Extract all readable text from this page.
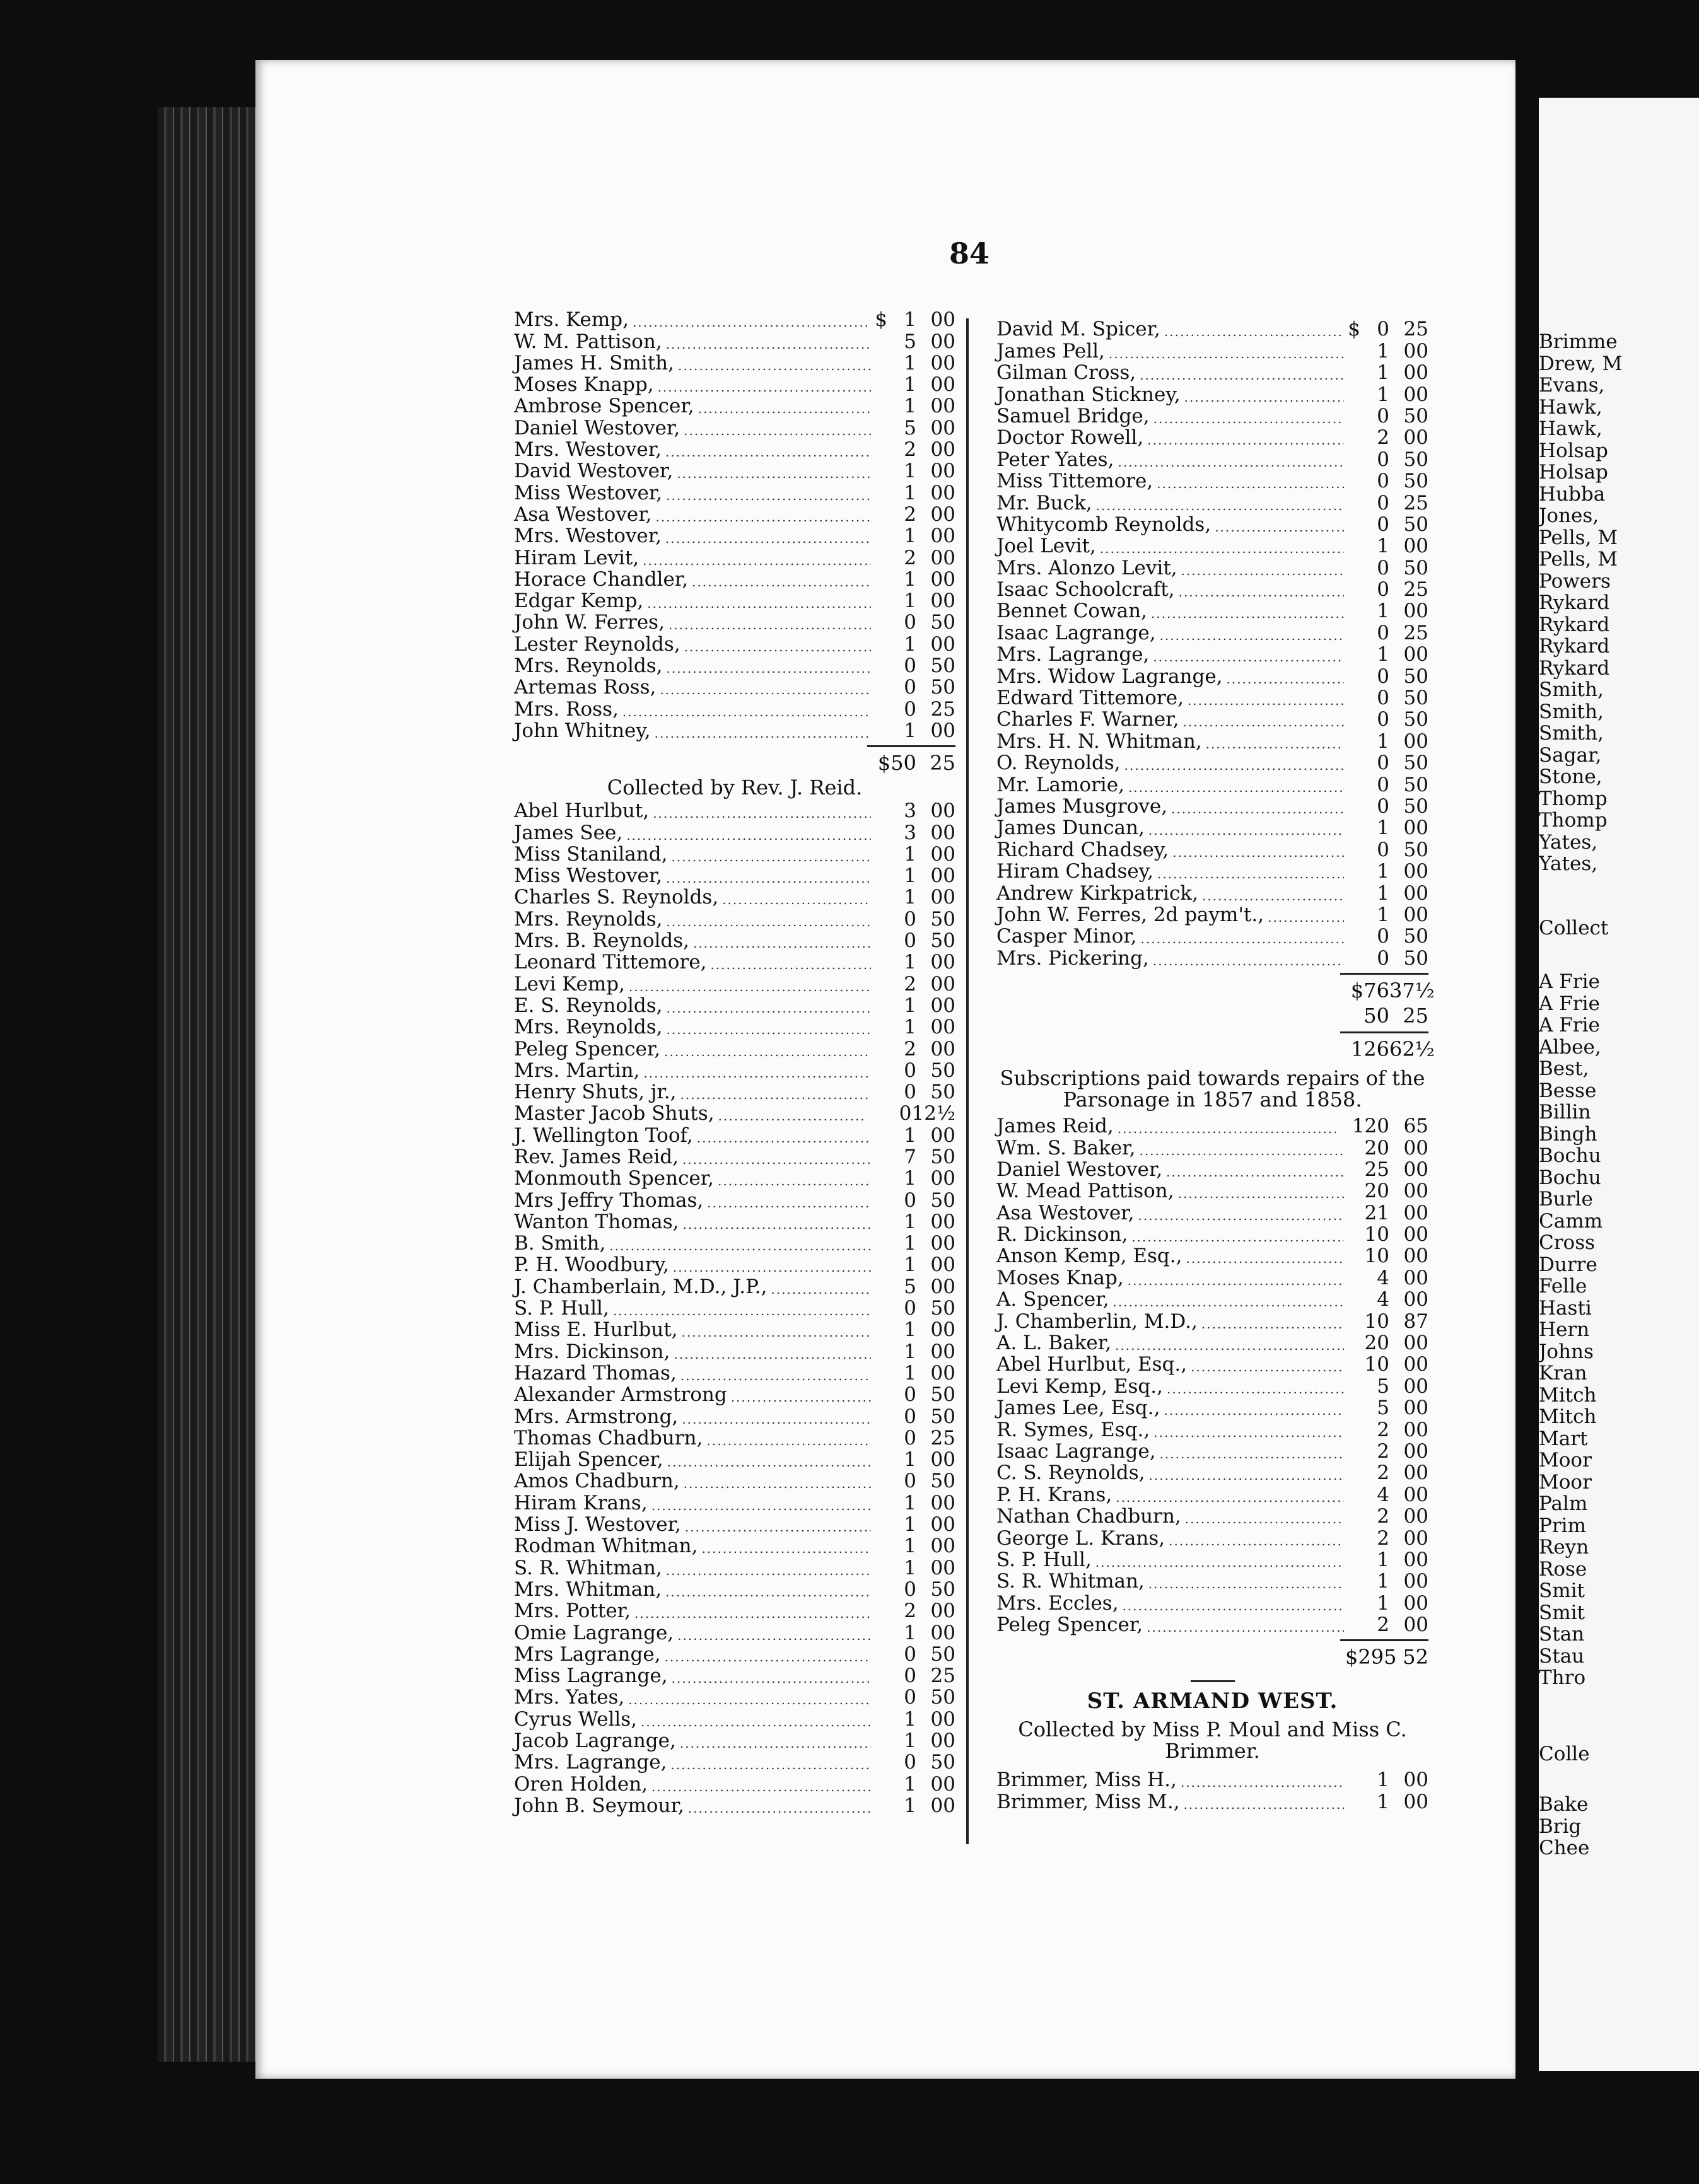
Brimme
Drew, M
Evans,
Hawk,
Hawk,
Holsap
Holsap
Hubba
Jones,
Pells, M
Pells, M
Powers
Rykard
Rykard
Rykard
Rykard
Smith,
Smith,
Smith,
Sagar,
Stone,
Thomp
Thomp
Yates,
Yates,
Collect
A Frie
A Frie
A Frie
Albee,
Best,
Besse
Billin
Bingh
Bochu
Bochu
Burle
Camm
Cross
Durre
Felle
Hasti
Hern
Johns
Kran
Mitch
Mitch
Mart
Moor
Moor
Palm
Prim
Reyn
Rose
Smit
Smit
Stan
Stau
Thro
Colle
Bake
Brig
Chee
84
Mrs. Kemp, .....	$ 1 00
W. M. Pattison, .....	5 00
James H. Smith, .....	1 00
Moses Knapp, .....	1 00
Ambrose Spencer, .....	1 00
Daniel Westover, .....	5 00
Mrs. Westover, .....	2 00
David Westover, .....	1 00
Miss Westover, .....	1 00
Asa Westover, .....	2 00
Mrs. Westover, .....	1 00
Hiram Levit, .....	2 00
Horace Chandler, .....	1 00
Edgar Kemp, .....	1 00
John W. Ferres, .....	0 50
Lester Reynolds, .....	1 00
Mrs. Reynolds, .....	0 50
Artemas Ross, .....	0 50
Mrs. Ross, .....	0 25
John Whitney, .....	1 00
$50 25
Collected by Rev. J. Reid.
Abel Hurlbut, .....	3 00
James See, .....	3 00
Miss Staniland, .....	1 00
Miss Westover, .....	1 00
Charles S. Reynolds, .....	1 00
Mrs. Reynolds, .....	0 50
Mrs. B. Reynolds, .....	0 50
Leonard Tittemore, .....	1 00
Levi Kemp, .....	2 00
E. S. Reynolds, .....	1 00
Mrs. Reynolds, .....	1 00
Peleg Spencer, .....	2 00
Mrs. Martin, .....	0 50
Henry Shuts, jr., .....	0 50
Master Jacob Shuts, .....	0 12½
J. Wellington Toof, .....	1 00
Rev. James Reid, .....	7 50
Monmouth Spencer, .....	1 00
Mrs Jeffry Thomas, .....	0 50
Wanton Thomas, .....	1 00
B. Smith, .....	1 00
P. H. Woodbury, .....	1 00
J. Chamberlain, M.D., J.P., .....	5 00
S. P. Hull, .....	0 50
Miss E. Hurlbut, .....	1 00
Mrs. Dickinson, .....	1 00
Hazard Thomas, .....	1 00
Alexander Armstrong .....	0 50
Mrs. Armstrong, .....	0 50
Thomas Chadburn, .....	0 25
Elijah Spencer, .....	1 00
Amos Chadburn, .....	0 50
Hiram Krans, .....	1 00
Miss J. Westover, .....	1 00
Rodman Whitman, .....	1 00
S. R. Whitman, .....	1 00
Mrs. Whitman, .....	0 50
Mrs. Potter, .....	2 00
Omie Lagrange, .....	1 00
Mrs Lagrange, .....	0 50
Miss Lagrange, .....	0 25
Mrs. Yates, .....	0 50
Cyrus Wells, .....	1 00
Jacob Lagrange, .....	1 00
Mrs. Lagrange, .....	0 50
Oren Holden, .....	1 00
John B. Seymour, .....	1 00
David M. Spicer, .....	$ 0 25
James Pell, .....	1 00
Gilman Cross, .....	1 00
Jonathan Stickney, .....	1 00
Samuel Bridge, .....	0 50
Doctor Rowell, .....	2 00
Peter Yates, .....	0 50
Miss Tittemore, .....	0 50
Mr. Buck, .....	0 25
Whitycomb Reynolds, .....	0 50
Joel Levit, .....	1 00
Mrs. Alonzo Levit, .....	0 50
Isaac Schoolcraft, .....	0 25
Bennet Cowan, .....	1 00
Isaac Lagrange, .....	0 25
Mrs. Lagrange, .....	1 00
Mrs. Widow Lagrange, .....	0 50
Edward Tittemore, .....	0 50
Charles F. Warner, .....	0 50
Mrs. H. N. Whitman, .....	1 00
O. Reynolds, .....	0 50
Mr. Lamorie, .....	0 50
James Musgrove, .....	0 50
James Duncan, .....	1 00
Richard Chadsey, .....	0 50
Hiram Chadsey, .....	1 00
Andrew Kirkpatrick, .....	1 00
John W. Ferres, 2d paym't., .....	1 00
Casper Minor, .....	0 50
Mrs. Pickering, .....	0 50
$76 37½
50 25
126 62½
Subscriptions paid towards repairs of the Parsonage in 1857 and 1858.
James Reid, .....	120 65
Wm. S. Baker, .....	20 00
Daniel Westover, .....	25 00
W. Mead Pattison, .....	20 00
Asa Westover, .....	21 00
R. Dickinson, .....	10 00
Anson Kemp, Esq., .....	10 00
Moses Knap, .....	4 00
A. Spencer, .....	4 00
J. Chamberlin, M.D., .....	10 87
A. L. Baker, .....	20 00
Abel Hurlbut, Esq., .....	10 00
Levi Kemp, Esq., .....	5 00
James Lee, Esq., .....	5 00
R. Symes, Esq., .....	2 00
Isaac Lagrange, .....	2 00
C. S. Reynolds, .....	2 00
P. H. Krans, .....	4 00
Nathan Chadburn, .....	2 00
George L. Krans, .....	2 00
S. P. Hull, .....	1 00
S. R. Whitman, .....	1 00
Mrs. Eccles, .....	1 00
Peleg Spencer, .....	2 00
$295 52
ST. ARMAND WEST.
Collected by Miss P. Moul and Miss C. Brimmer.
Brimmer, Miss H., .....	1 00
Brimmer, Miss M., .....	1 00
